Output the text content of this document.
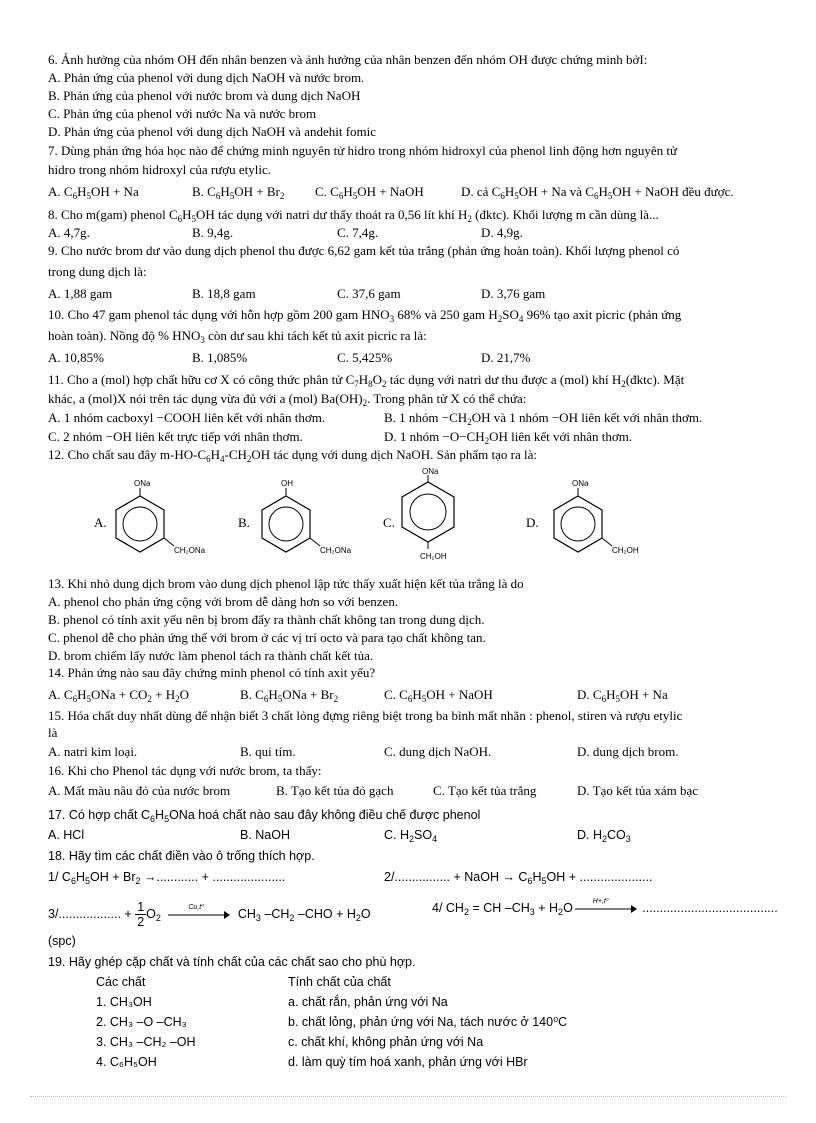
6. Ảnh hưởng của nhóm OH đến nhân benzen và ảnh hưởng của nhân benzen đến nhóm OH được chứng minh bởI:
A. Phản ứng của phenol với dung dịch NaOH và nước brom.
B. Phản ứng của phenol với nước brom và dung dịch NaOH
C. Phản ứng của phenol với nước Na và nước brom
D. Phản ứng của phenol với dung dịch NaOH và andehit fomic
7. Dùng phản ứng hóa học nào để chứng minh nguyên tử hidro trong nhóm hidroxyl của phenol linh động hơn nguyên tử
hidro trong nhóm hidroxyl của rượu etylic.
A. $C_6H_5OH + Na$	B. $C_6H_5OH + Br_2$ C. $C_6H_5OH$ + NaOH	D. cả $C_6H_5OH + Na$ và $C_6H_5OH$ + NaOH đều được.
8. Cho m(gam) phenol $C_6H_5OH$ tác dụng với natri dư thấy thoát ra 0,56 lít khí $H_2$ (đktc). Khối lượng m cần dùng là...
A. 4,7g.	B. 9,4g.	C. 7,4g.	D. 4,9g.
9. Cho nước brom dư vào dung dịch phenol thu được 6,62 gam kết tủa trắng (phản ứng hoàn toàn). Khối lượng phenol có
trong dung dịch là:
A. 1,88 gam	B. 18,8 gam	C. 37,6 gam	D. 3,76 gam
10. Cho 47 gam phenol tác dụng với hỗn hợp gồm 200 gam $HNO_3$ 68% và 250 gam $H_2SO_4$ 96% tạo axit picric (phản ứng
hoàn toàn). Nồng độ % $HNO_3$ còn dư sau khi tách kết tủ axit picric ra là:
A. 10,85%	B. 1,085%	C. 5,425%	D. 21,7%
11. Cho a (mol) hợp chất hữu cơ X có công thức phân tử $C_7H_8O_2$ tác dụng với natri dư thu được a (mol) khí $H_2(đktc)$. Mặt
khác, a (mol)X nói trên tác dụng vừa đủ với a (mol) $Ba(OH)_2$. Trong phân tử X có thể chứa:
A. 1 nhóm cacboxyl −COOH liên kết với nhân thơm.	B. 1 nhóm $-CH_2OH$ và 1 nhóm −OH liên kết với nhân thơm.
C. 2 nhóm −OH liên kết trực tiếp với nhân thơm.	D. 1 nhóm $-O-CH_2OH$ liên kết với nhân thơm.
12. Cho chất sau đây $m-HO-C_6H_4-CH_2OH$ tác dụng với dung dịch NaOH. Sản phẩm tạo ra là:
A.
ONa
CH₂ONa
B.
OH
CH₂ONa
C.
ONa
CH₂OH
D.
ONa
CH₂OH
13. Khi nhỏ dung dịch brom vào dung dịch phenol lập tức thấy xuất hiện kết tủa trắng là do
A. phenol cho phản ứng cộng với brom dễ dàng hơn so với benzen.
B. phenol có tính axit yếu nên bị brom đẩy ra thành chất không tan trong dung dịch.
C. phenol dễ cho phản ứng thế với brom ở các vị trí octo và para tạo chất không tan.
D. brom chiếm lấy nước làm phenol tách ra thành chất kết tủa.
14. Phản ứng nào sau đây chứng minh phenol có tính axit yếu?
A. $C_6H_5ONa + CO_2 + H_2O$	B. $C_6H_5ONa + Br_2$	C. $C_6H_5OH$ + NaOH	D. $C_6H_5OH + Na$
15. Hóa chất duy nhất dùng để nhận biết 3 chất lỏng đựng riêng biệt trong ba bình mất nhãn : phenol, stiren và rượu etylic
là
A. natri kim loại.	B. qui tím.	C. dung dịch NaOH.	D. dung dịch brom.
16. Khi cho Phenol tác dụng với nước brom, ta thấy:
A. Mất màu nâu đỏ của nước brom	B. Tạo kết tủa đỏ gạch	C. Tạo kết tủa trắng	D. Tạo kết tủa xám bạc
17. Có hợp chất $C_6H_5ONa$ hoá chất nào sau đây không điều chế được phenol
A. HCl	B. NaOH	C. $H_2SO_4$	D. $H_2CO_3$
18. Hãy tìm các chất điền vào ô trống thích hợp.
1/ $C_6H_5OH + Br_2$ →............ + .....................	2/................ + NaOH → $C_6H_5OH$ + .....................
3/.................. + $\frac{1}{2} O_2$
Cu,t⁰ $CH_3$ $-CH_2$ $-CHO + H_2O$	4/ $CH_2$ = CH $-CH_3 + H_2O$	H+,t⁰ .......................................
(spc)
19. Hãy ghép cặp chất và tính chất của các chất sao cho phù hợp.
Các chất	Tính chất của chất
1. CH₃OH	a. chất rắn, phản ứng với Na
2. CH₃ –O –CH₃	b. chất lỏng, phản ứng với Na, tách nước ở 140⁰C
3. CH₃ –CH₂ –OH	c. chất khí, không phản ứng với Na
4. C₆H₅OH	d. làm quỳ tím hoá xanh, phản ứng với HBr
